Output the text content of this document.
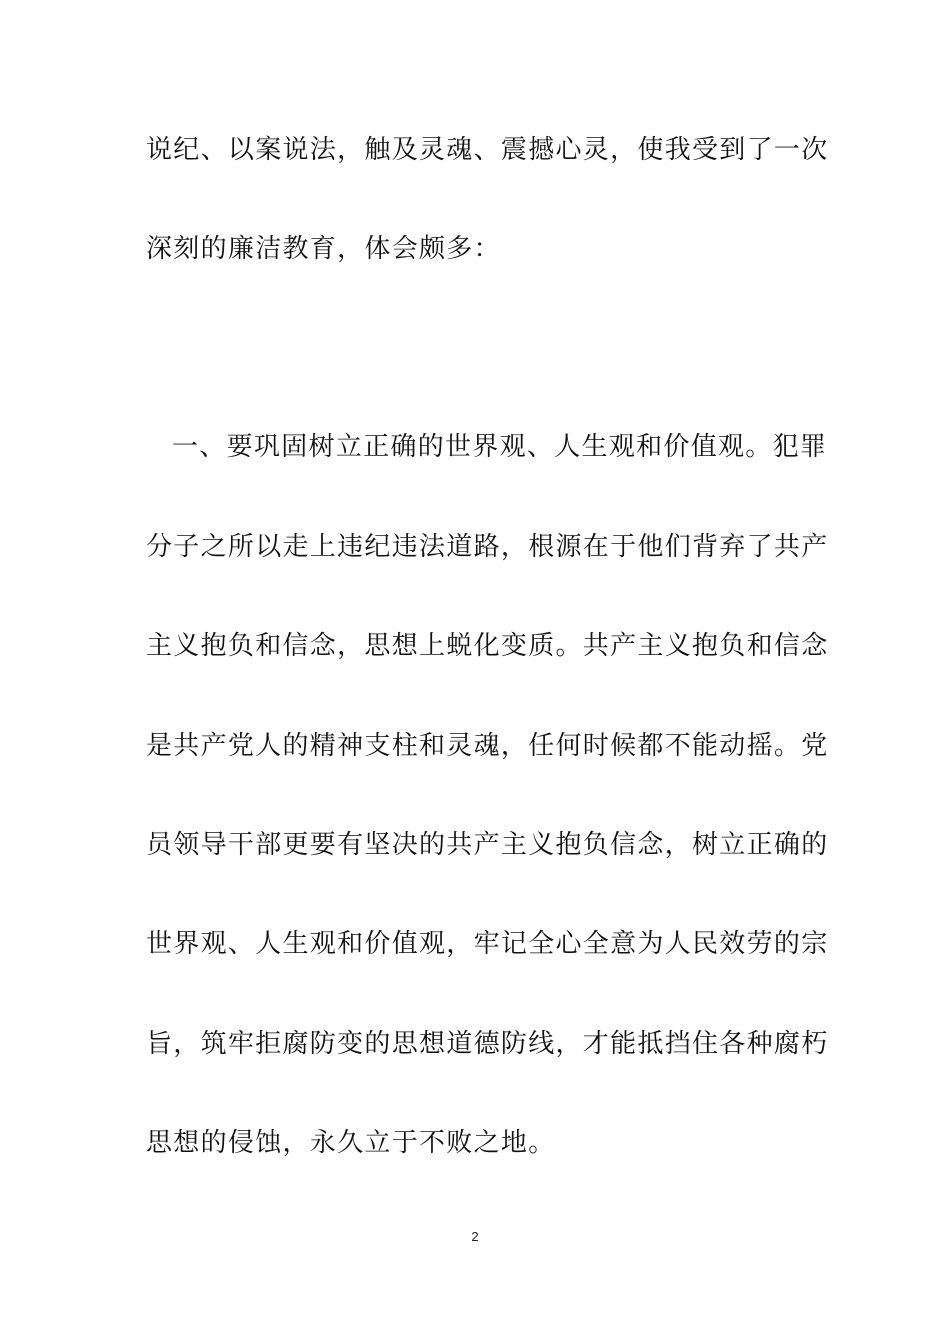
说纪、以案说法，触及灵魂、震撼心灵，使我受到了一次
深刻的廉洁教育，体会颇多：
一、要巩固树立正确的世界观、人生观和价值观。犯罪
分子之所以走上违纪违法道路，根源在于他们背弃了共产
主义抱负和信念，思想上蜕化变质。共产主义抱负和信念
是共产党人的精神支柱和灵魂，任何时候都不能动摇。党
员领导干部更要有坚决的共产主义抱负信念，树立正确的
世界观、人生观和价值观，牢记全心全意为人民效劳的宗
旨，筑牢拒腐防变的思想道德防线，才能抵挡住各种腐朽
思想的侵蚀，永久立于不败之地。
2
